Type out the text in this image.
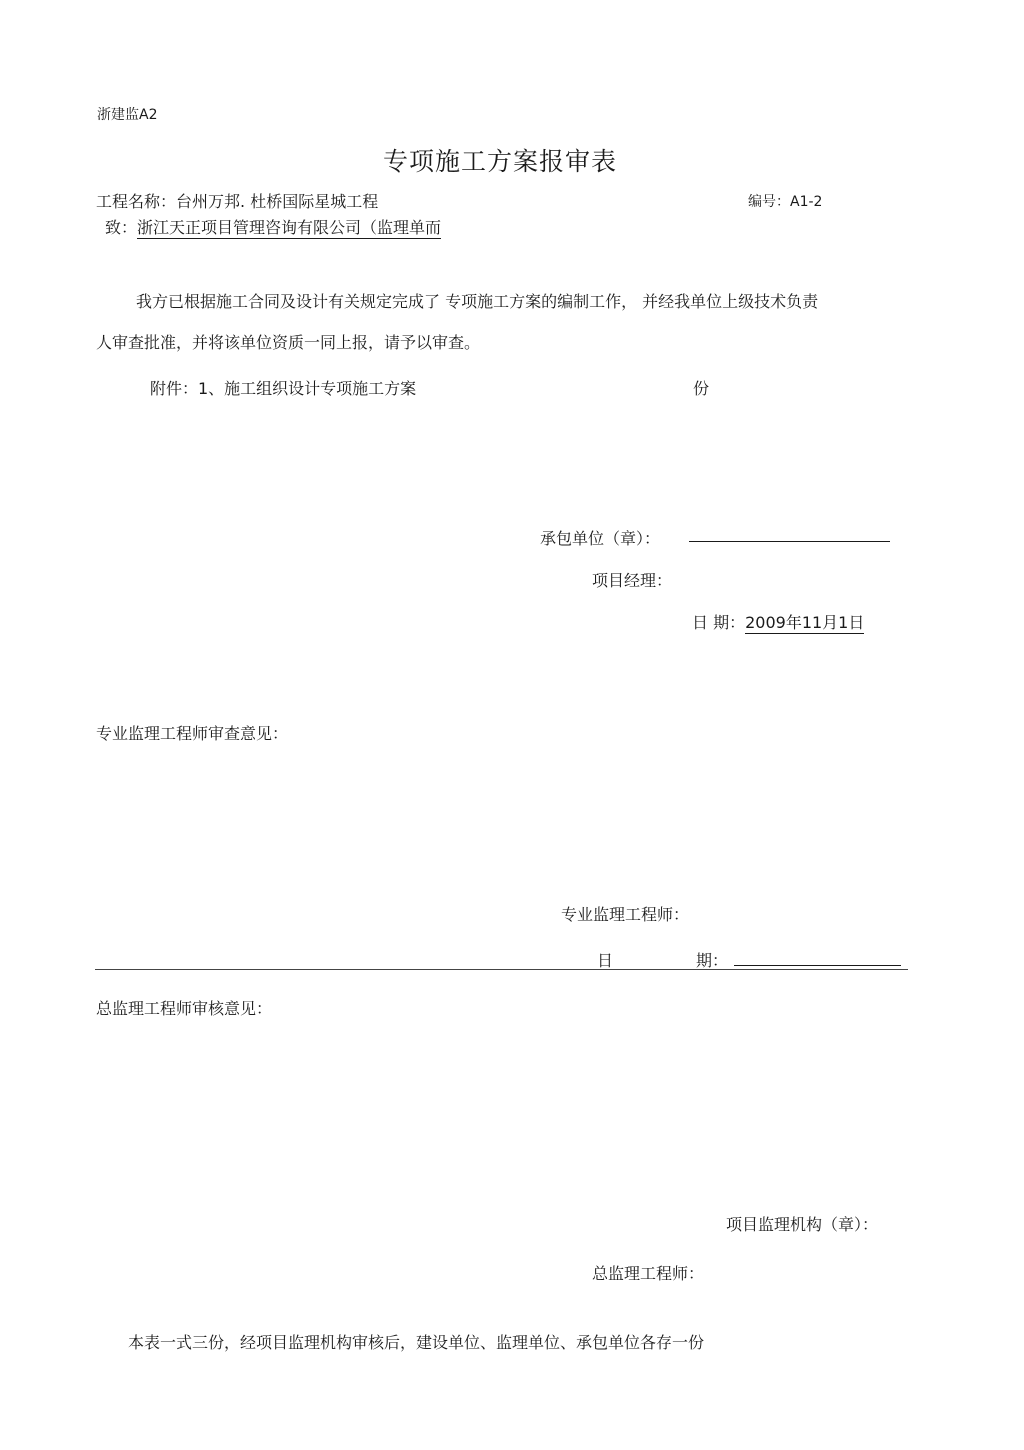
浙建监A2
专项施工方案报审表
工程名称：台州万邦. 杜桥国际星城工程	编号：A1-2
致：浙江天正项目管理咨询有限公司（监理单而
我方已根据施工合同及设计有关规定完成了 专项施工方案的编制工作， 并经我单位上级技术负责
人审查批准，并将该单位资质一同上报，请予以审查。
附件：1、施工组织设计专项施工方案	份
承包单位（章）：
项目经理：
日 期：2009年11月1日
专业监理工程师审查意见：
专业监理工程师：
日	期：
总监理工程师审核意见：
项目监理机构（章）：
总监理工程师：
本表一式三份，经项目监理机构审核后，建设单位、监理单位、承包单位各存一份
